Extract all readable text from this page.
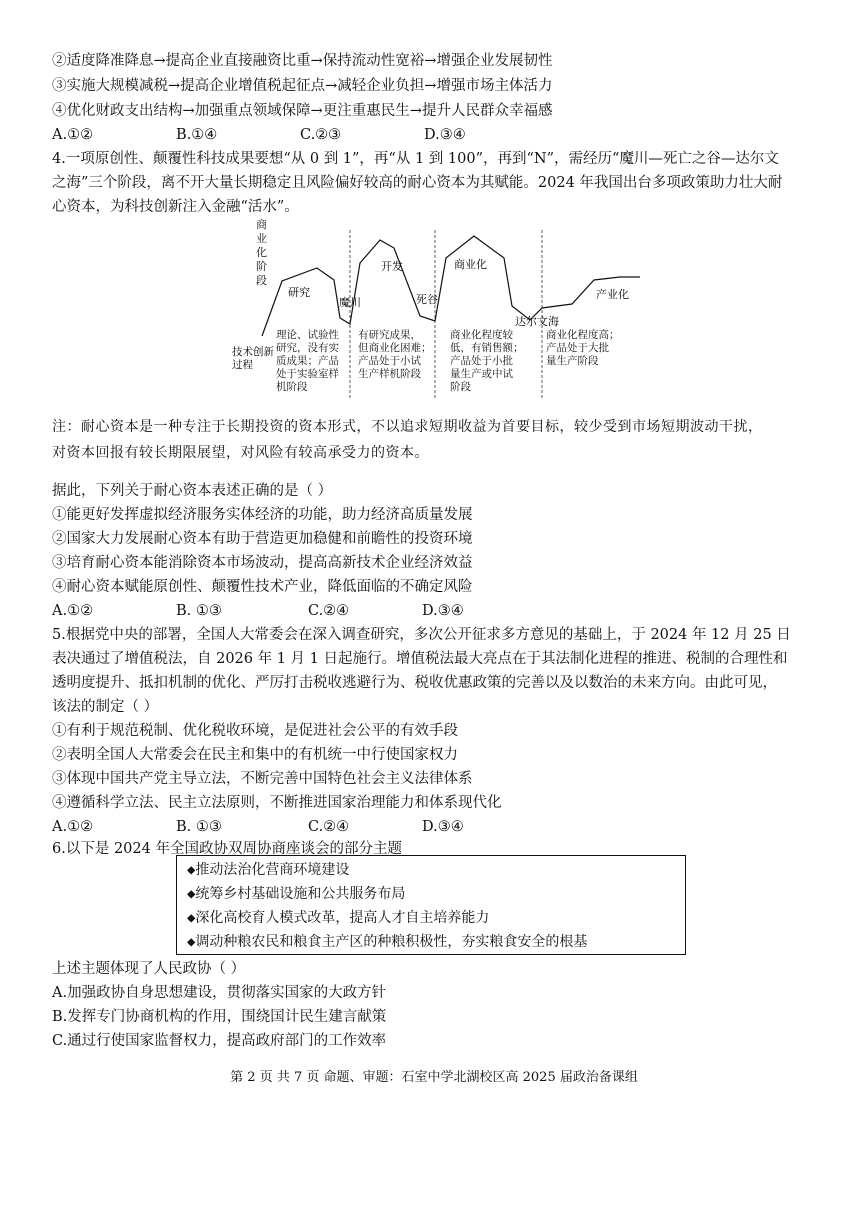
②适度降准降息→提高企业直接融资比重→保持流动性宽裕→增强企业发展韧性
③实施大规模减税→提高企业增值税起征点→减轻企业负担→增强市场主体活力
④优化财政支出结构→加强重点领域保障→更注重惠民生→提升人民群众幸福感
A.①②	B.①④	C.②③	D.③④
4.一项原创性、颠覆性科技成果要想“从 0 到 1”，再“从 1 到 100”，再到“N”，需经历“魔川—死亡之谷—达尔文
之海”三个阶段，离不开大量长期稳定且风险偏好较高的耐心资本为其赋能。2024 年我国出台多项政策助力壮大耐
心资本，为科技创新注入金融“活水”。
商业化阶段
研究
魔川
开发
死谷
商业化
达尔文海
产业化
技术创新
过程
理论、试验性
研究，没有实
质成果；产品
处于实验室样
机阶段
有研究成果，
但商业化困难；
产品处于小试
生产样机阶段
商业化程度较
低，有销售额；
产品处于小批
量生产或中试
阶段
商业化程度高；
产品处于大批
量生产阶段
注：耐心资本是一种专注于长期投资的资本形式，不以追求短期收益为首要目标，较少受到市场短期波动干扰，
对资本回报有较长期限展望，对风险有较高承受力的资本。
据此，下列关于耐心资本表述正确的是（ ）
①能更好发挥虚拟经济服务实体经济的功能，助力经济高质量发展
②国家大力发展耐心资本有助于营造更加稳健和前瞻性的投资环境
③培育耐心资本能消除资本市场波动，提高高新技术企业经济效益
④耐心资本赋能原创性、颠覆性技术产业，降低面临的不确定风险
A.①②	B. ①③	C.②④	D.③④
5.根据党中央的部署，全国人大常委会在深入调查研究，多次公开征求多方意见的基础上，于 2024 年 12 月 25 日
表决通过了增值税法，自 2026 年 1 月 1 日起施行。增值税法最大亮点在于其法制化进程的推进、税制的合理性和
透明度提升、抵扣机制的优化、严厉打击税收逃避行为、税收优惠政策的完善以及以数治的未来方向。由此可见，
该法的制定（ ）
①有利于规范税制、优化税收环境，是促进社会公平的有效手段
②表明全国人大常委会在民主和集中的有机统一中行使国家权力
③体现中国共产党主导立法，不断完善中国特色社会主义法律体系
④遵循科学立法、民主立法原则，不断推进国家治理能力和体系现代化
A.①②	B. ①③	C.②④	D.③④
6.以下是 2024 年全国政协双周协商座谈会的部分主题
◆推动法治化营商环境建设
◆统筹乡村基础设施和公共服务布局
◆深化高校育人模式改革，提高人才自主培养能力
◆调动种粮农民和粮食主产区的种粮积极性，夯实粮食安全的根基
上述主题体现了人民政协（ ）
A.加强政协自身思想建设，贯彻落实国家的大政方针
B.发挥专门协商机构的作用，围绕国计民生建言献策
C.通过行使国家监督权力，提高政府部门的工作效率
第 2 页 共 7 页 命题、审题：石室中学北湖校区高 2025 届政治备课组
